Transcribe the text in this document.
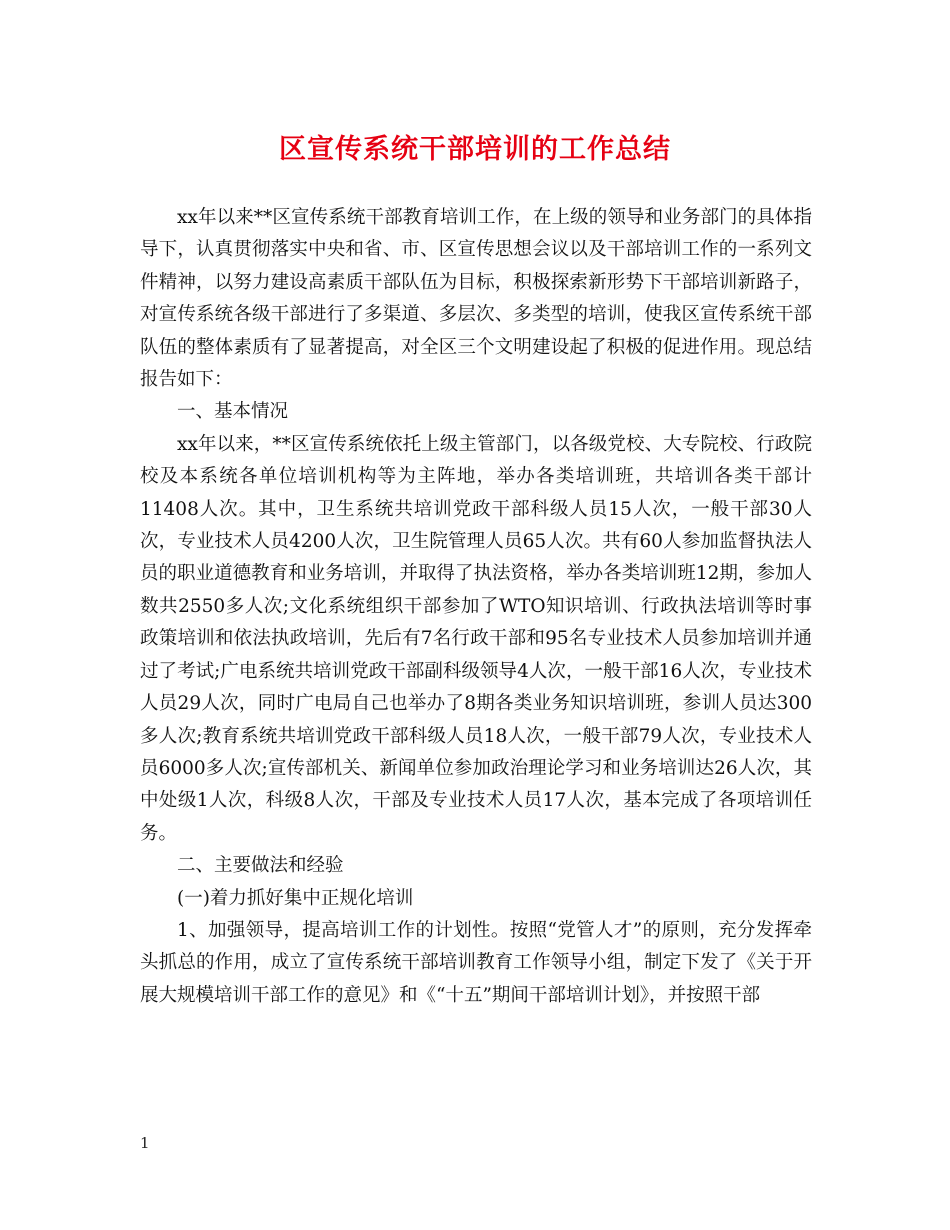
区宣传系统干部培训的工作总结

xx年以来**区宣传系统干部教育培训工作，在上级的领导和业务部门的具体指导下，认真贯彻落实中央和省、市、区宣传思想会议以及干部培训工作的一系列文件精神，以努力建设高素质干部队伍为目标，积极探索新形势下干部培训新路子，对宣传系统各级干部进行了多渠道、多层次、多类型的培训，使我区宣传系统干部队伍的整体素质有了显著提高，对全区三个文明建设起了积极的促进作用。现总结报告如下：

一、基本情况

xx年以来，**区宣传系统依托上级主管部门，以各级党校、大专院校、行政院校及本系统各单位培训机构等为主阵地，举办各类培训班，共培训各类干部计11408人次。其中，卫生系统共培训党政干部科级人员15人次，一般干部30人次，专业技术人员4200人次，卫生院管理人员65人次。共有60人参加监督执法人员的职业道德教育和业务培训，并取得了执法资格，举办各类培训班12期，参加人数共2550多人次;文化系统组织干部参加了WTO知识培训、行政执法培训等时事政策培训和依法执政培训，先后有7名行政干部和95名专业技术人员参加培训并通过了考试;广电系统共培训党政干部副科级领导4人次，一般干部16人次，专业技术人员29人次，同时广电局自己也举办了8期各类业务知识培训班，参训人员达300多人次;教育系统共培训党政干部科级人员18人次，一般干部79人次，专业技术人员6000多人次;宣传部机关、新闻单位参加政治理论学习和业务培训达26人次，其中处级1人次，科级8人次，干部及专业技术人员17人次，基本完成了各项培训任务。

二、主要做法和经验

(一)着力抓好集中正规化培训

1、加强领导，提高培训工作的计划性。按照“党管人才”的原则，充分发挥牵头抓总的作用，成立了宣传系统干部培训教育工作领导小组，制定下发了《关于开展大规模培训干部工作的意见》和《“十五”期间干部培训计划》，并按照干部

1
